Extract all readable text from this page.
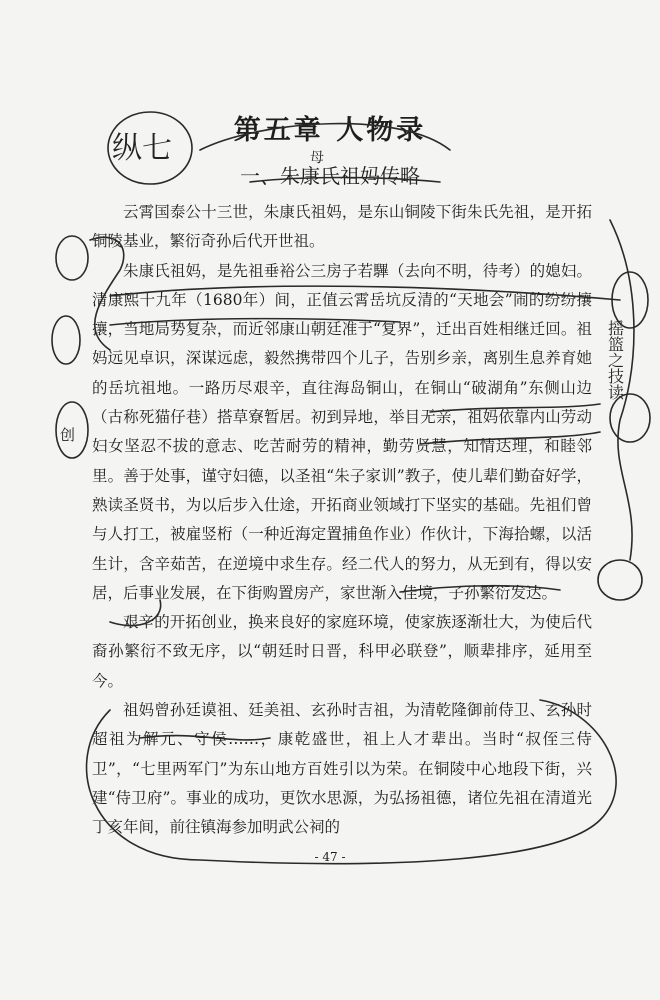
第五章 人物录
一、朱康氏祖妈传略

云霄国泰公十三世，朱康氏祖妈，是东山铜陵下街朱氏先祖，是开拓铜陵基业，繁衍奇孙后代开世祖。

朱康氏祖妈，是先祖垂裕公三房子若驆（去向不明，待考）的媳妇。清康熙十九年（1680年）间，正值云霄岳坑反清的“天地会”闹的纷纷攘攘，当地局势复杂，而近邻康山朝廷准于“复界”，迁出百姓相继迁回。祖妈远见卓识，深谋远虑，毅然携带四个儿子，告别乡亲，离别生息养育她的岳坑祖地。一路历尽艰辛，直往海岛铜山，在铜山“破湖角”东侧山边（古称死猫仔巷）搭草寮暂居。初到异地，举目无亲，祖妈依靠内山劳动妇女坚忍不拔的意志、吃苦耐劳的精神，勤劳贤慧，知情达理，和睦邻里。善于处事，谨守妇德，以圣祖“朱子家训”教子，使儿辈们勤奋好学，熟读圣贤书，为以后步入仕途，开拓商业领域打下坚实的基础。先祖们曾与人打工，被雇竖桁（一种近海定置捕鱼作业）作伙计，下海拾螺，以活生计，含辛茹苦，在逆境中求生存。经二代人的努力，从无到有，得以安居，后事业发展，在下街购置房产，家世渐入佳境，子孙繁衍发达。

艰辛的开拓创业，换来良好的家庭环境，使家族逐渐壮大，为使后代裔孙繁衍不致无序，以“朝廷时日晋，科甲必联登”，顺辈排序，延用至今。

祖妈曾孙廷谟祖、廷美祖、玄孙时吉祖，为清乾隆御前侍卫、玄孙时超祖为解元、守侯……，康乾盛世，祖上人才辈出。当时“叔侄三侍卫”，“七里两军门”为东山地方百姓引以为荣。在铜陵中心地段下街，兴建“侍卫府”。事业的成功，更饮水思源，为弘扬祖德，诸位先祖在清道光丁亥年间，前往镇海参加明武公祠的

- 47 -
纵七	母
创
摇篮之技读
